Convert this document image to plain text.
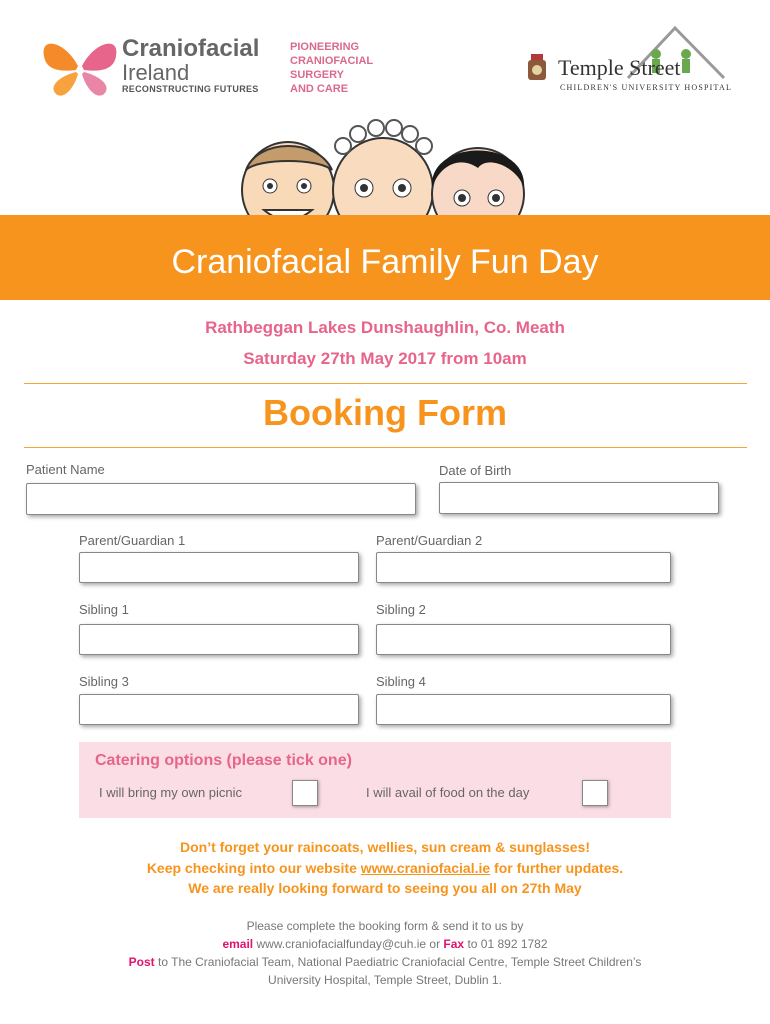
Craniofacial
Ireland
RECONSTRUCTING FUTURES
PIONEERING
CRANIOFACIAL
SURGERY
AND CARE
Temple Street
CHILDREN'S UNIVERSITY HOSPITAL
Craniofacial Family Fun Day
Rathbeggan Lakes Dunshaughlin, Co. Meath
Saturday 27th May 2017 from 10am
Booking Form
Patient Name	Date of Birth
Parent/Guardian 1	Parent/Guardian 2
Sibling 1	Sibling 2
Sibling 3	Sibling 4
Catering options (please tick one)
I will bring my own picnic	I will avail of food on the day
Don’t forget your raincoats, wellies, sun cream & sunglasses!
Keep checking into our website www.craniofacial.ie for further updates.
We are really looking forward to seeing you all on 27th May
Please complete the booking form & send it to us by
email www.craniofacialfunday@cuh.ie or Fax to 01 892 1782
Post to The Craniofacial Team, National Paediatric Craniofacial Centre, Temple Street Children’s
University Hospital, Temple Street, Dublin 1.
